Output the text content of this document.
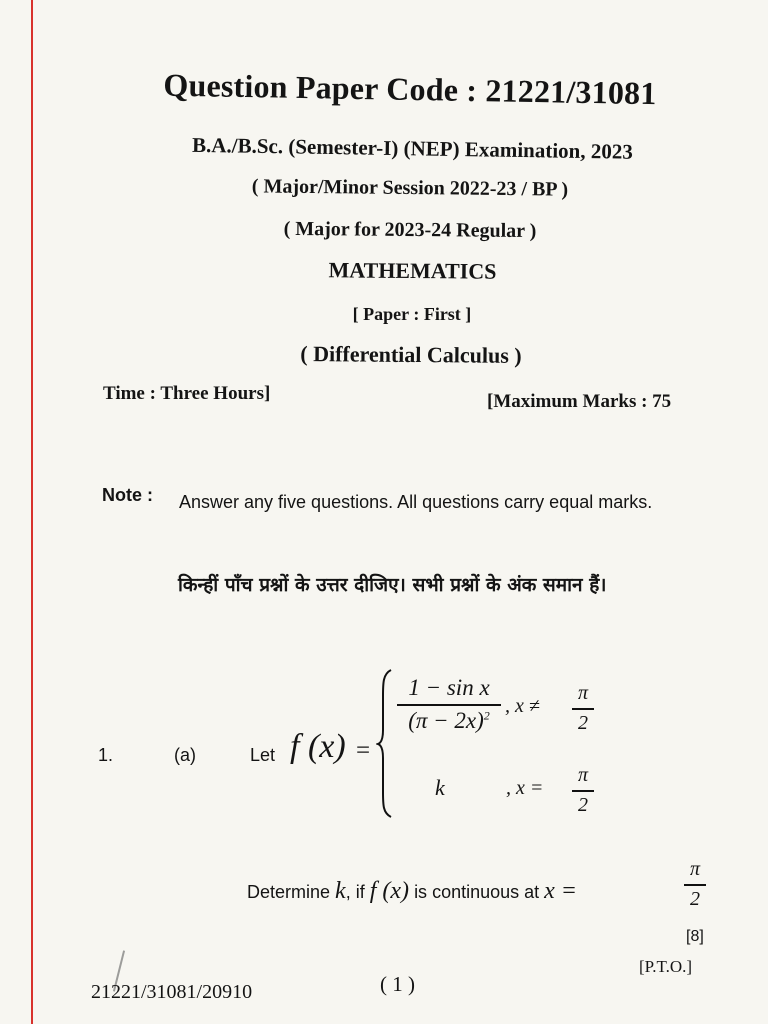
Question Paper Code : 21221/31081
B.A./B.Sc. (Semester-I) (NEP) Examination, 2023
( Major/Minor Session 2022-23 / BP )
( Major for 2023-24 Regular )
MATHEMATICS
[ Paper : First ]
( Differential Calculus )
Time : Three Hours]	[Maximum Marks : 75
Note : Answer any five questions. All questions carry equal marks.
किन्हीं पाँच प्रश्नों के उत्तर दीजिए। सभी प्रश्नों के अंक समान हैं।
1.	(a)	Let f (x) =
$\frac{\text{1 − sin x}}{(\pi - 2x)^2}$ , $x \ne \frac{\pi}{2}$
k	, $x = \frac{\pi}{2}$
Determine k, if f (x) is continuous at x =	$\frac{\pi}{2}$
[8]
[P.T.O.]
( 1 )
21221/31081/20910
